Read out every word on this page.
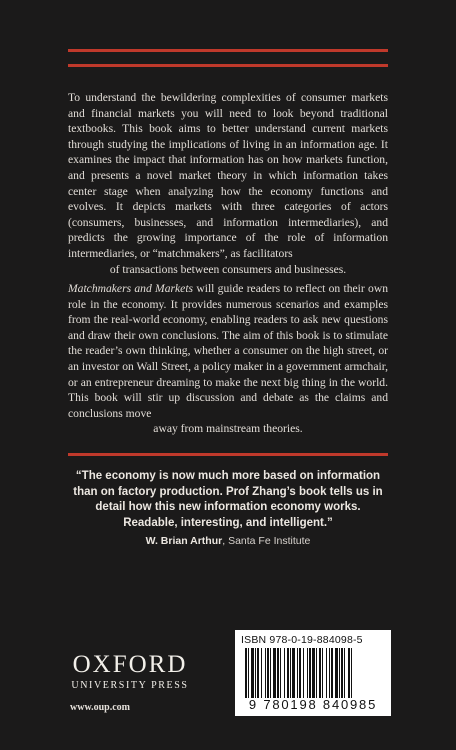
To understand the bewildering complexities of consumer markets and financial markets you will need to look beyond traditional textbooks. This book aims to better understand current markets through studying the implications of living in an information age. It examines the impact that information has on how markets function, and presents a novel market theory in which information takes center stage when analyzing how the economy functions and evolves. It depicts markets with three categories of actors (consumers, businesses, and information intermediaries), and predicts the growing importance of the role of information intermediaries, or “matchmakers”, as facilitators
of transactions between consumers and businesses.
Matchmakers and Markets will guide readers to reflect on their own role in the economy. It provides numerous scenarios and examples from the real-world economy, enabling readers to ask new questions and draw their own conclusions. The aim of this book is to stimulate the reader’s own thinking, whether a consumer on the high street, or an investor on Wall Street, a policy maker in a government armchair, or an entrepreneur dreaming to make the next big thing in the world. This book will stir up discussion and debate as the claims and conclusions move
away from mainstream theories.

“The economy is now much more based on information than on factory production. Prof Zhang’s book tells us in detail how this new information economy works. Readable, interesting, and intelligent.”

W. Brian Arthur, Santa Fe Institute
OXFORD
UNIVERSITY PRESS
www.oup.com
ISBN 978-0-19-884098-5
9 780198 840985
